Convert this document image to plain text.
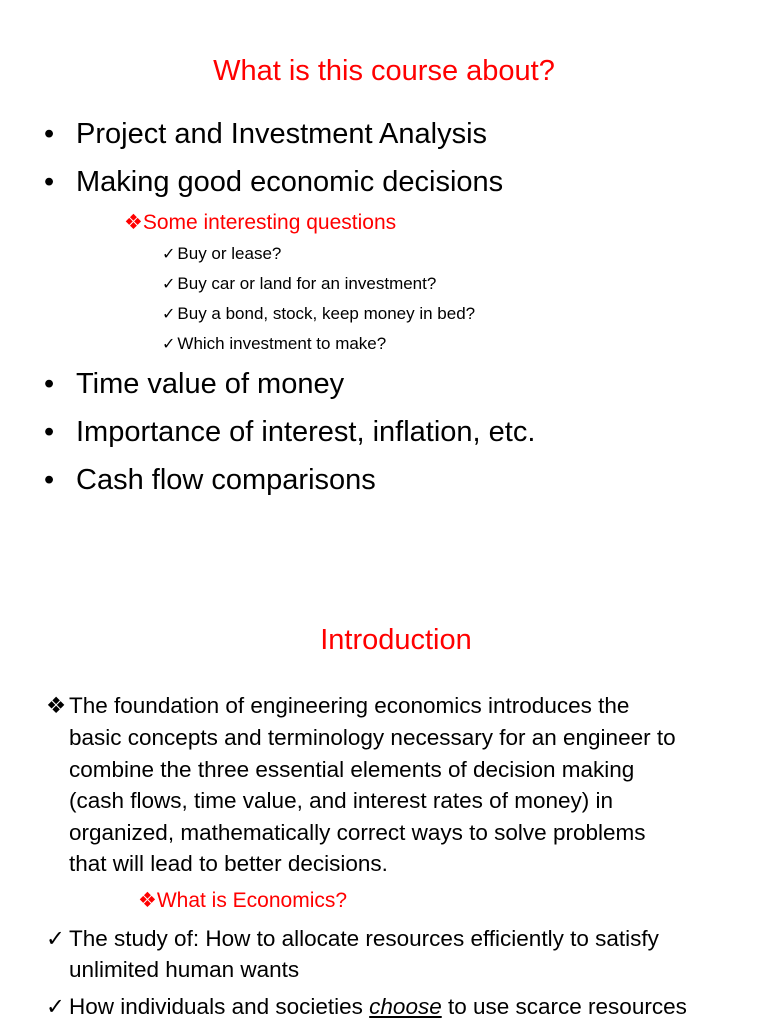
What is this course about?
• Project and Investment Analysis
• Making good economic decisions
❖Some interesting questions
✓ Buy or lease?
✓ Buy car or land for an investment?
✓ Buy a bond, stock, keep money in bed?
✓ Which investment to make?
• Time value of money
• Importance of interest, inflation, etc.
• Cash flow comparisons
Introduction
❖ The foundation of engineering economics introduces the
basic concepts and terminology necessary for an engineer to
combine the three essential elements of decision making
(cash flows, time value, and interest rates of money) in
organized, mathematically correct ways to solve problems
that will lead to better decisions.
❖What is Economics?
✓ The study of: How to allocate resources efficiently to satisfy
unlimited human wants
✓ How individuals and societies choose to use scarce resources
